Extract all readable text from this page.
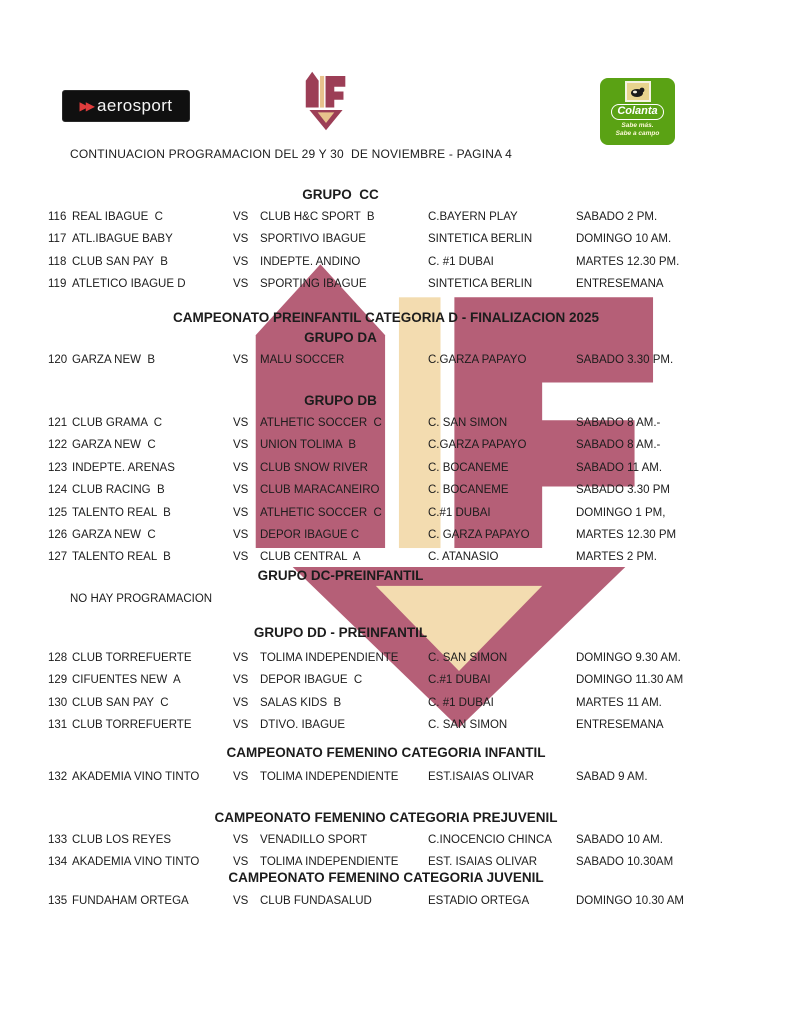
▶▶ aerosport	Colanta
Sabe más.
Sabe a campo
CONTINUACION PROGRAMACION DEL 29 Y 30  DE NOVIEMBRE - PAGINA 4
GRUPO  CC
116 REAL IBAGUE  C	VS	CLUB H&C SPORT  B	C.BAYERN PLAY	SABADO 2 PM.
117 ATL.IBAGUE BABY	VS	SPORTIVO IBAGUE	SINTETICA BERLIN	DOMINGO 10 AM.
118 CLUB SAN PAY  B	VS	INDEPTE. ANDINO	C. #1 DUBAI	MARTES 12.30 PM.
119 ATLETICO IBAGUE D	VS	SPORTING IBAGUE	SINTETICA BERLIN	ENTRESEMANA
CAMPEONATO PREINFANTIL CATEGORIA D - FINALIZACION 2025
GRUPO DA
120 GARZA NEW  B	VS	MALU SOCCER	C.GARZA PAPAYO	SABADO 3.30 PM.
GRUPO DB
121 CLUB GRAMA  C	VS	ATLHETIC SOCCER  C	C. SAN SIMON	SABADO 8 AM.-
122 GARZA NEW  C	VS	UNION TOLIMA  B	C.GARZA PAPAYO	SABADO 8 AM.-
123 INDEPTE. ARENAS	VS	CLUB SNOW RIVER	C. BOCANEME	SABADO 11 AM.
124 CLUB RACING  B	VS	CLUB MARACANEIRO	C. BOCANEME	SABADO 3.30 PM
125 TALENTO REAL  B	VS	ATLHETIC SOCCER  C	C.#1 DUBAI	DOMINGO 1 PM,
126 GARZA NEW  C	VS	DEPOR IBAGUE C	C. GARZA PAPAYO	MARTES 12.30 PM
127 TALENTO REAL  B	VS	CLUB CENTRAL  A	C. ATANASIO	MARTES 2 PM.
GRUPO DC-PREINFANTIL
NO HAY PROGRAMACION
GRUPO DD - PREINFANTIL
128 CLUB TORREFUERTE	VS	TOLIMA INDEPENDIENTE	C. SAN SIMON	DOMINGO 9.30 AM.
129 CIFUENTES NEW  A	VS	DEPOR IBAGUE  C	C.#1 DUBAI	DOMINGO 11.30 AM
130 CLUB SAN PAY  C	VS	SALAS KIDS  B	C. #1 DUBAI	MARTES 11 AM.
131 CLUB TORREFUERTE	VS	DTIVO. IBAGUE	C. SAN SIMON	ENTRESEMANA
CAMPEONATO FEMENINO CATEGORIA INFANTIL
132 AKADEMIA VINO TINTO	VS	TOLIMA INDEPENDIENTE	EST.ISAIAS OLIVAR	SABAD 9 AM.
CAMPEONATO FEMENINO CATEGORIA PREJUVENIL
133 CLUB LOS REYES	VS	VENADILLO SPORT	C.INOCENCIO CHINCA	SABADO 10 AM.
134 AKADEMIA VINO TINTO	VS	TOLIMA INDEPENDIENTE	EST. ISAIAS OLIVAR	SABADO 10.30AM
CAMPEONATO FEMENINO CATEGORIA JUVENIL
135 FUNDAHAM ORTEGA	VS	CLUB FUNDASALUD	ESTADIO ORTEGA	DOMINGO 10.30 AM
